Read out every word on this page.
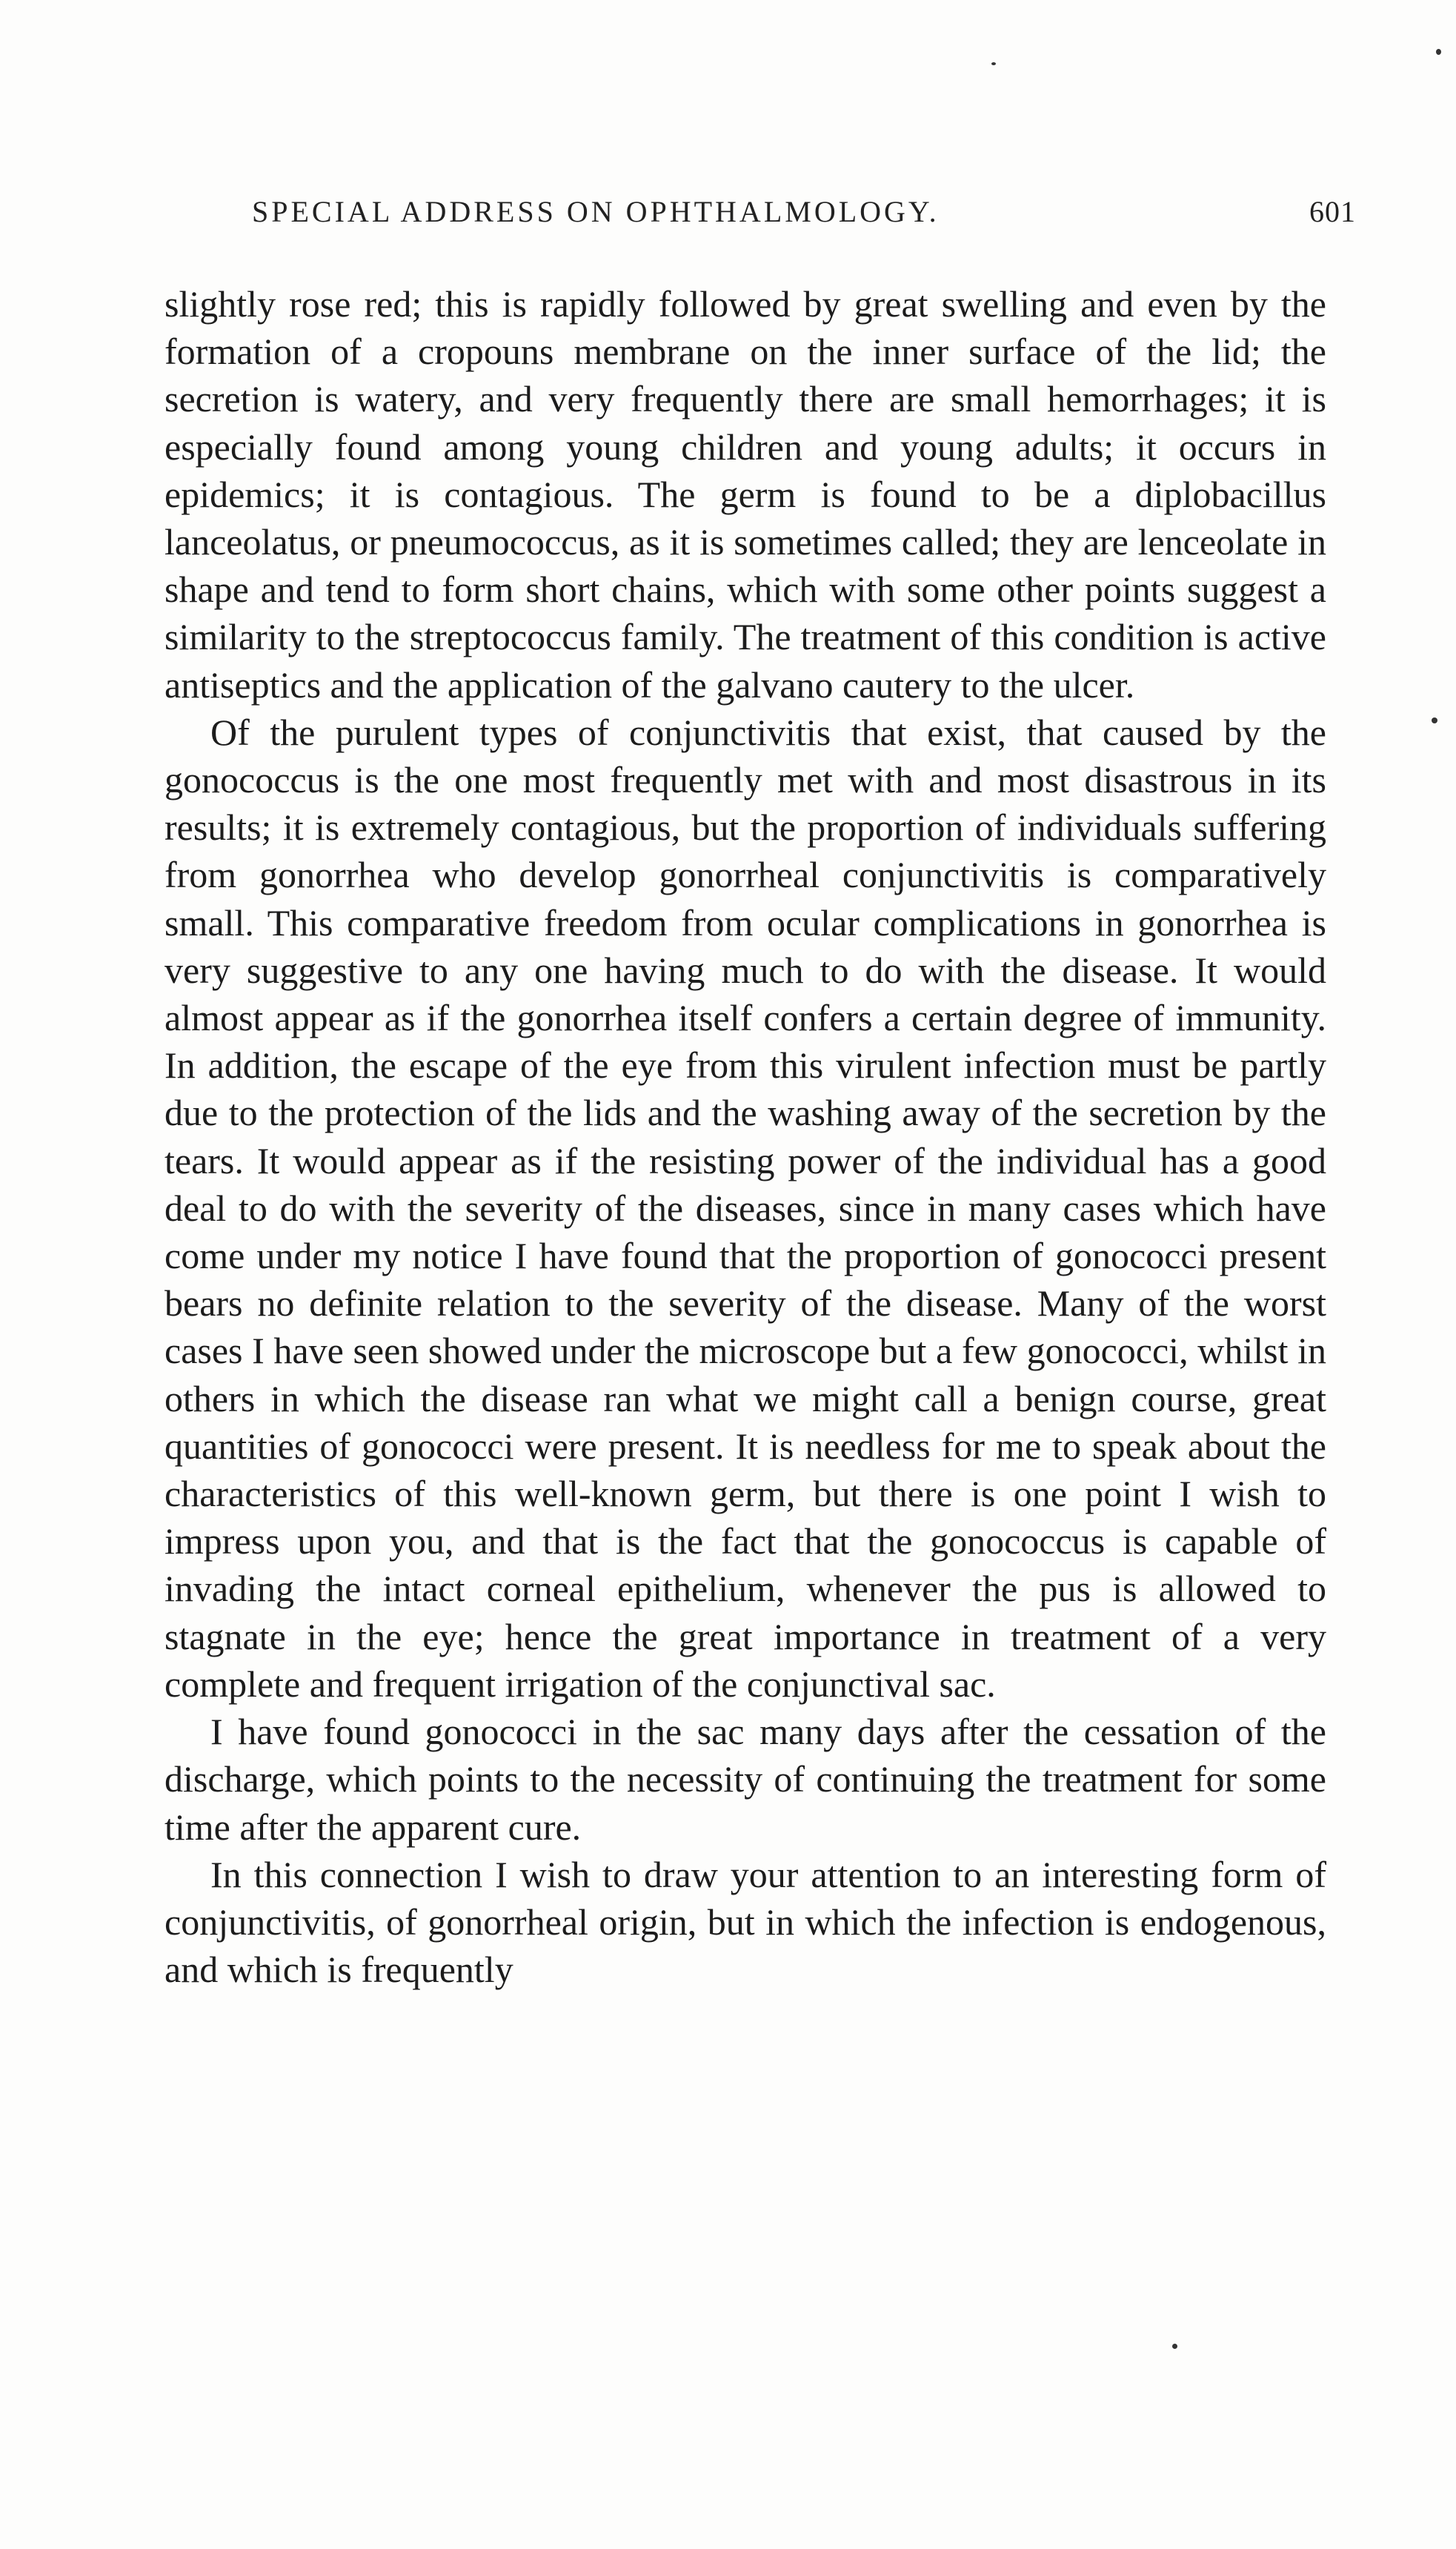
SPECIAL ADDRESS ON OPHTHALMOLOGY.	601

slightly rose red; this is rapidly followed by great swelling and even by the formation of a cropouns membrane on the inner surface of the lid; the secretion is watery, and very frequently there are small hemorrhages; it is especially found among young children and young adults; it occurs in epidemics; it is contagious. The germ is found to be a diplobacillus lanceolatus, or pneumococcus, as it is sometimes called; they are lenceolate in shape and tend to form short chains, which with some other points suggest a similarity to the streptococcus family. The treatment of this condition is active antiseptics and the application of the galvano cautery to the ulcer.

Of the purulent types of conjunctivitis that exist, that caused by the gonococcus is the one most frequently met with and most disastrous in its results; it is extremely contagious, but the proportion of individuals suffering from gonorrhea who develop gonorrheal conjunctivitis is comparatively small. This comparative freedom from ocular complications in gonorrhea is very suggestive to any one having much to do with the disease. It would almost appear as if the gonorrhea itself confers a certain degree of immunity. In addition, the escape of the eye from this virulent infection must be partly due to the protection of the lids and the washing away of the secretion by the tears. It would appear as if the resisting power of the individual has a good deal to do with the severity of the diseases, since in many cases which have come under my notice I have found that the proportion of gonococci present bears no definite relation to the severity of the disease. Many of the worst cases I have seen showed under the microscope but a few gonococci, whilst in others in which the disease ran what we might call a benign course, great quantities of gonococci were present. It is needless for me to speak about the characteristics of this well-known germ, but there is one point I wish to impress upon you, and that is the fact that the gonococcus is capable of invading the intact corneal epithelium, whenever the pus is allowed to stagnate in the eye; hence the great importance in treatment of a very complete and frequent irrigation of the conjunctival sac.

I have found gonococci in the sac many days after the cessation of the discharge, which points to the necessity of continuing the treatment for some time after the apparent cure.

In this connection I wish to draw your attention to an interesting form of conjunctivitis, of gonorrheal origin, but in which the infection is endogenous, and which is frequently
